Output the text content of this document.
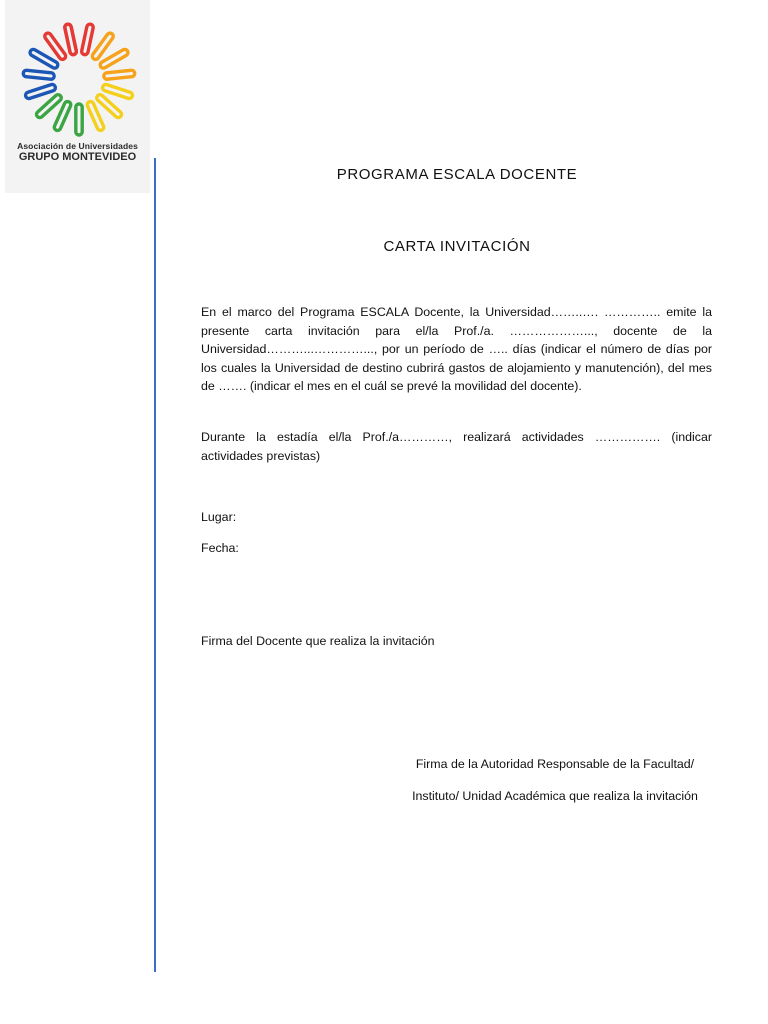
Asociación de Universidades
GRUPO MONTEVIDEO
PROGRAMA ESCALA DOCENTE
CARTA INVITACIÓN
En el marco del Programa ESCALA Docente, la Universidad……..…. ………….. emite la presente carta invitación para el/la Prof./a. ………………..., docente de la Universidad………...…………..., por un período de ….. días (indicar el número de días por los cuales la Universidad de destino cubrirá gastos de alojamiento y manutención), del mes de ……. (indicar el mes en el cuál se prevé la movilidad del docente).
Durante la estadía el/la Prof./a…………, realizará actividades ……………. (indicar actividades previstas)
Lugar:
Fecha:
Firma del Docente que realiza la invitación
Firma de la Autoridad Responsable de la Facultad/
Instituto/ Unidad Académica que realiza la invitación
